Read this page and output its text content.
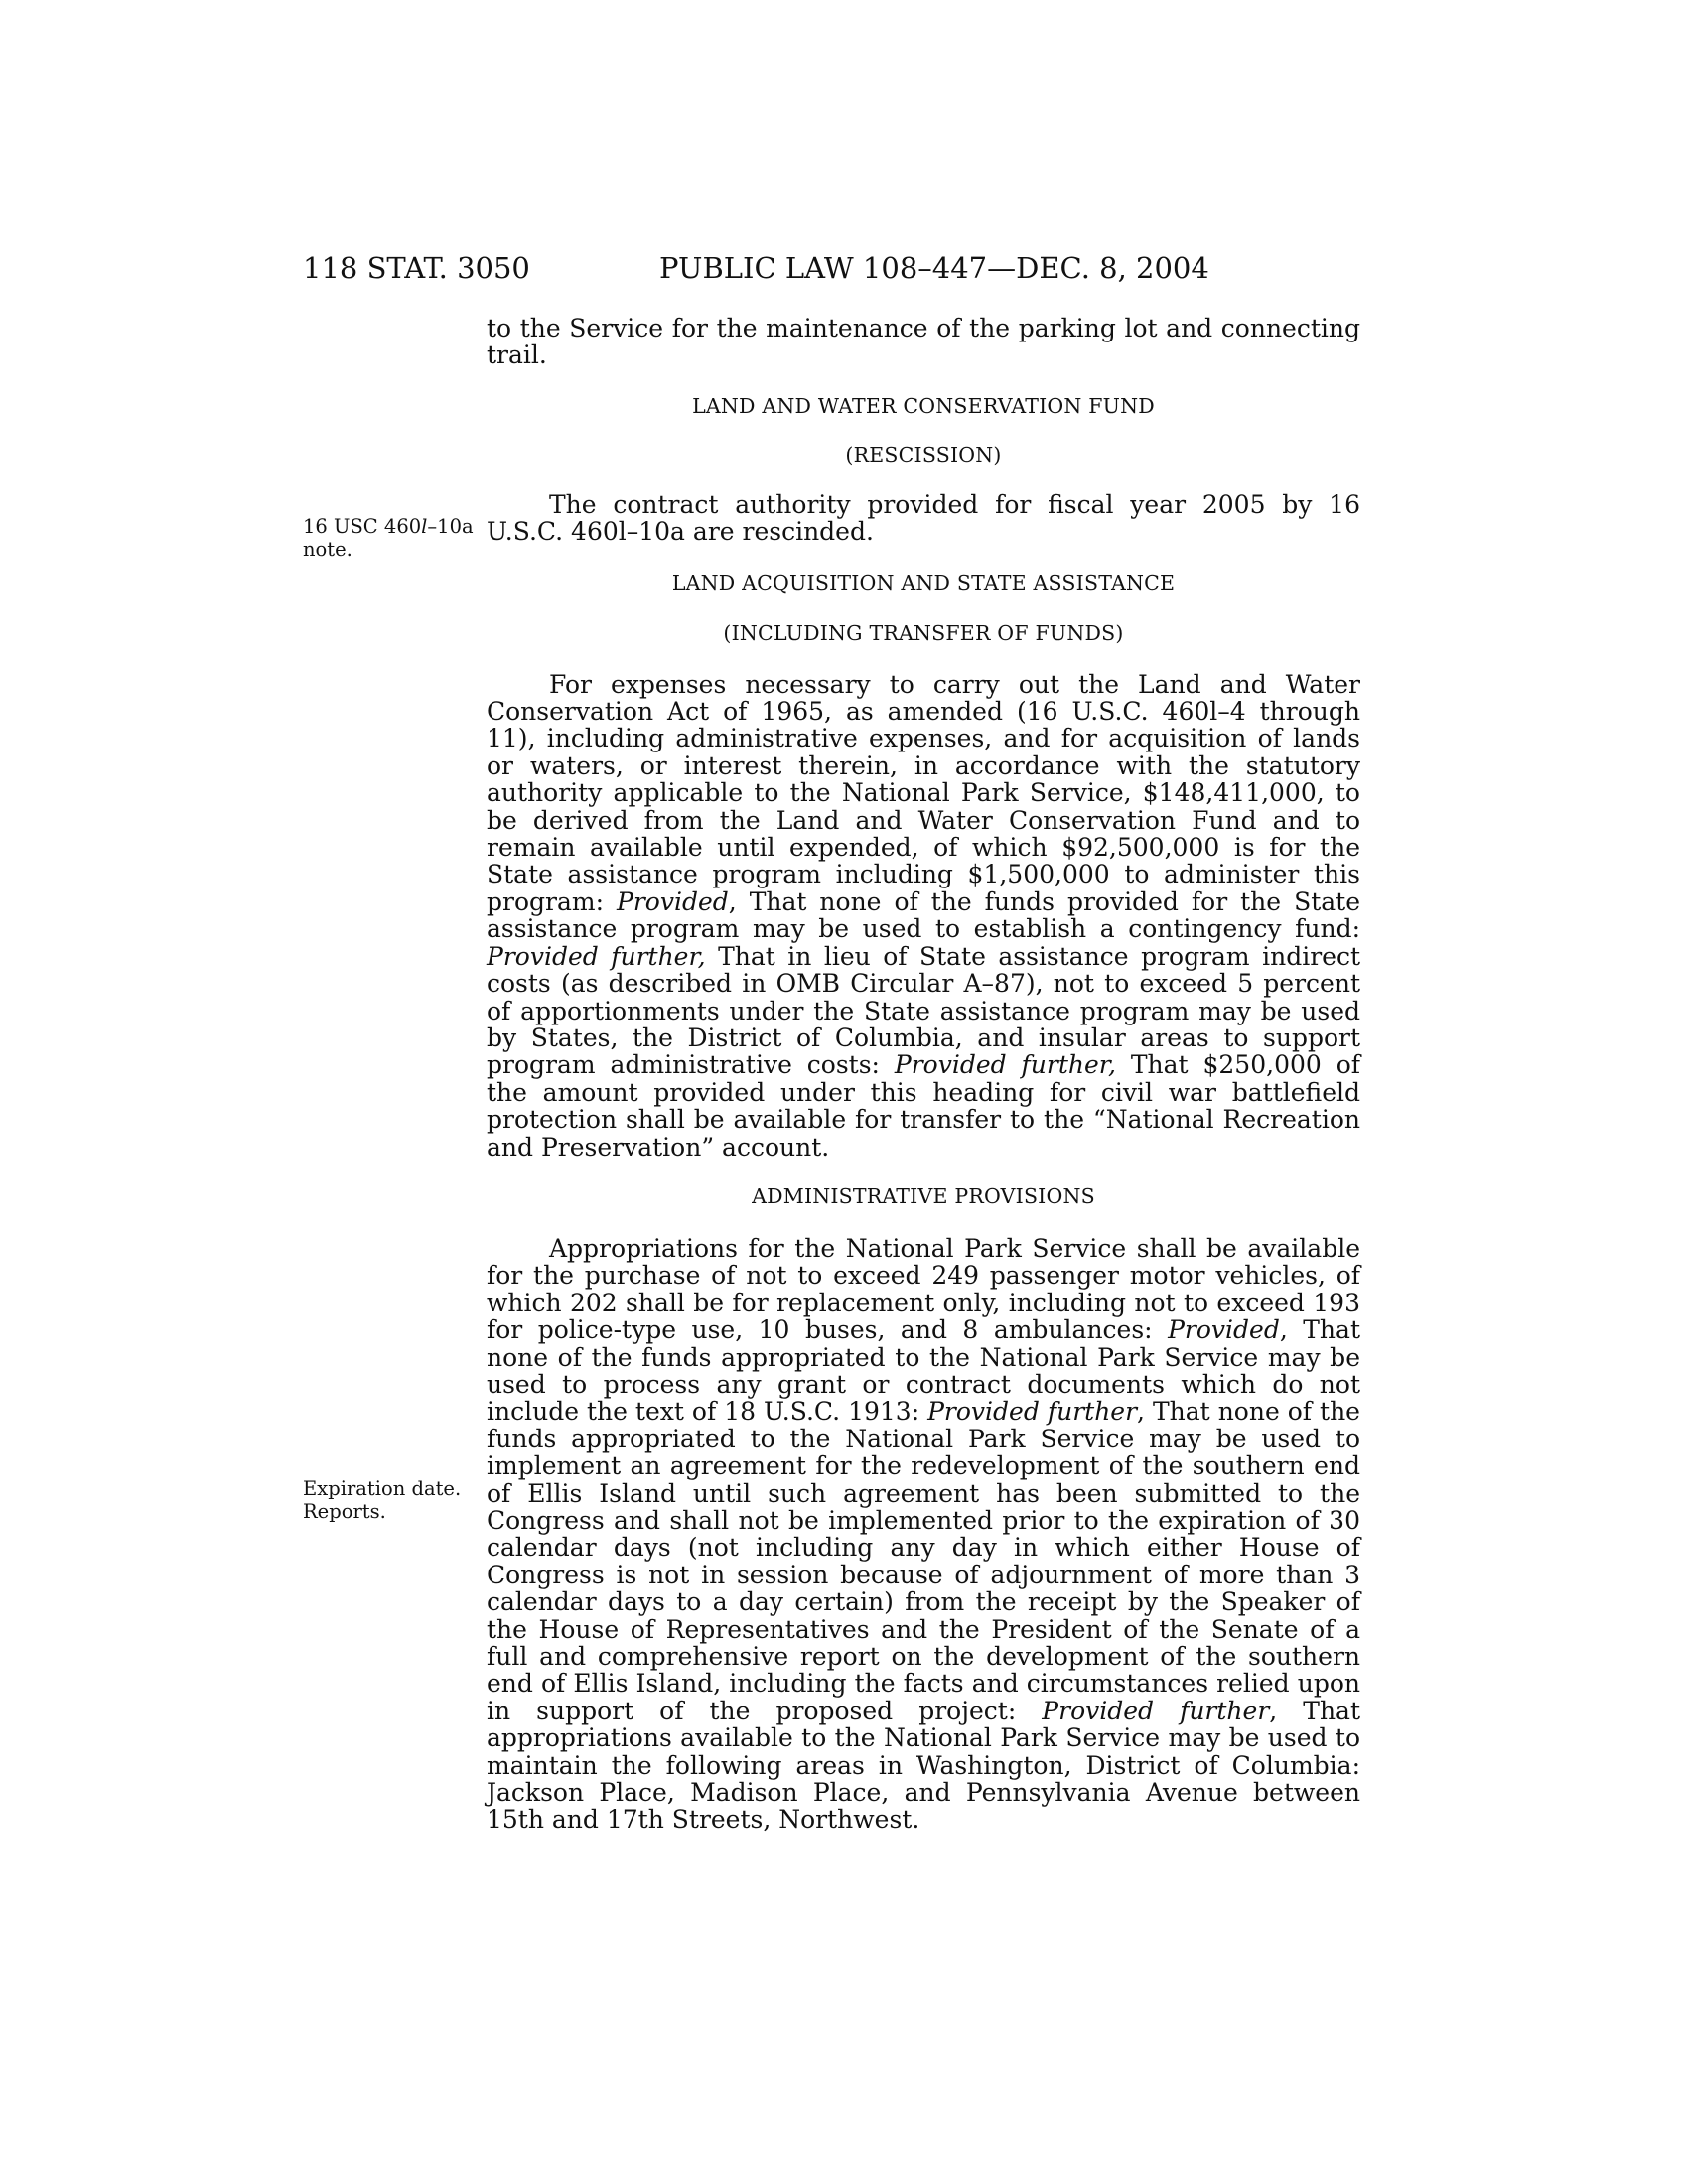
118 STAT. 3050	PUBLIC LAW 108–447—DEC. 8, 2004
16 USC 460l–10a
note.
Expiration date.
Reports.

to the Service for the maintenance of the parking lot and connecting trail.

LAND AND WATER CONSERVATION FUND

(RESCISSION)

The contract authority provided for fiscal year 2005 by 16 U.S.C. 460l–10a are rescinded.

LAND ACQUISITION AND STATE ASSISTANCE

(INCLUDING TRANSFER OF FUNDS)

For expenses necessary to carry out the Land and Water Conservation Act of 1965, as amended (16 U.S.C. 460l–4 through 11), including administrative expenses, and for acquisition of lands or waters, or interest therein, in accordance with the statutory authority applicable to the National Park Service, $148,411,000, to be derived from the Land and Water Conservation Fund and to remain available until expended, of which $92,500,000 is for the State assistance program including $1,500,000 to administer this program: Provided, That none of the funds provided for the State assistance program may be used to establish a contingency fund: Provided further, That in lieu of State assistance program indirect costs (as described in OMB Circular A–87), not to exceed 5 percent of apportionments under the State assistance program may be used by States, the District of Columbia, and insular areas to support program administrative costs: Provided further, That $250,000 of the amount provided under this heading for civil war battlefield protection shall be available for transfer to the “National Recreation and Preservation” account.

ADMINISTRATIVE PROVISIONS

Appropriations for the National Park Service shall be available for the purchase of not to exceed 249 passenger motor vehicles, of which 202 shall be for replacement only, including not to exceed 193 for police-type use, 10 buses, and 8 ambulances: Provided, That none of the funds appropriated to the National Park Service may be used to process any grant or contract documents which do not include the text of 18 U.S.C. 1913: Provided further, That none of the funds appropriated to the National Park Service may be used to implement an agreement for the redevelopment of the southern end of Ellis Island until such agreement has been submitted to the Congress and shall not be implemented prior to the expiration of 30 calendar days (not including any day in which either House of Congress is not in session because of adjournment of more than 3 calendar days to a day certain) from the receipt by the Speaker of the House of Representatives and the President of the Senate of a full and comprehensive report on the development of the southern end of Ellis Island, including the facts and circumstances relied upon in support of the proposed project: Provided further, That appropriations available to the National Park Service may be used to maintain the following areas in Washington, District of Columbia: Jackson Place, Madison Place, and Pennsylvania Avenue between 15th and 17th Streets, Northwest.
